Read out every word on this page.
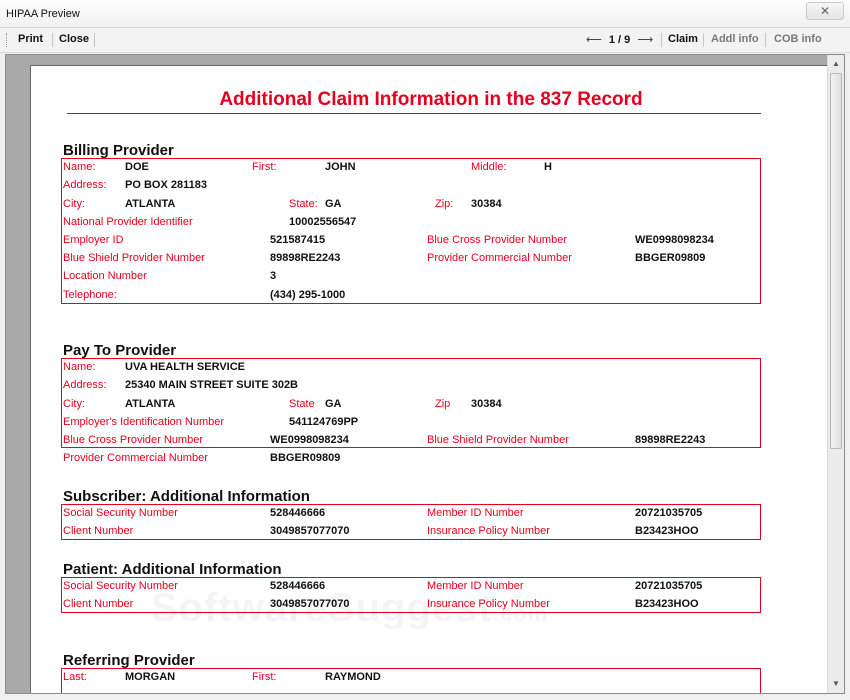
HIPAA Preview	✕
Print Close	⟵ 1 / 9 ⟶ Claim Addl info COB info
Additional Claim Information in the 837 Record
Billing Provider
Name:	DOE	First:	JOHN	Middle:	H
Address: PO BOX 281183
City:	ATLANTA	State: GA	Zip: 30384
National Provider Identifier	10002556547
Employer ID	521587415	Blue Cross Provider Number	WE0998098234
Blue Shield Provider Number	89898RE2243	Provider Commercial Number	BBGER09809
Location Number	3
Telephone:	(434) 295-1000
Pay To Provider
Name:	UVA HEALTH SERVICE
Address: 25340 MAIN STREET SUITE 302B
City:	ATLANTA	State GA	Zip 30384
Employer's Identification Number	541124769PP
Blue Cross Provider Number	WE0998098234	Blue Shield Provider Number	89898RE2243
Provider Commercial Number	BBGER09809
Subscriber: Additional Information
Social Security Number	528446666	Member ID Number	20721035705
Client Number	3049857077070	Insurance Policy Number	B23423HOO
Patient: Additional Information
Social Security Number	528446666	Member ID Number	20721035705
Client Number	3049857077070	Insurance Policy Number	B23423HOO
Referring Provider
Last:	MORGAN	First:	RAYMOND
▲
▼
